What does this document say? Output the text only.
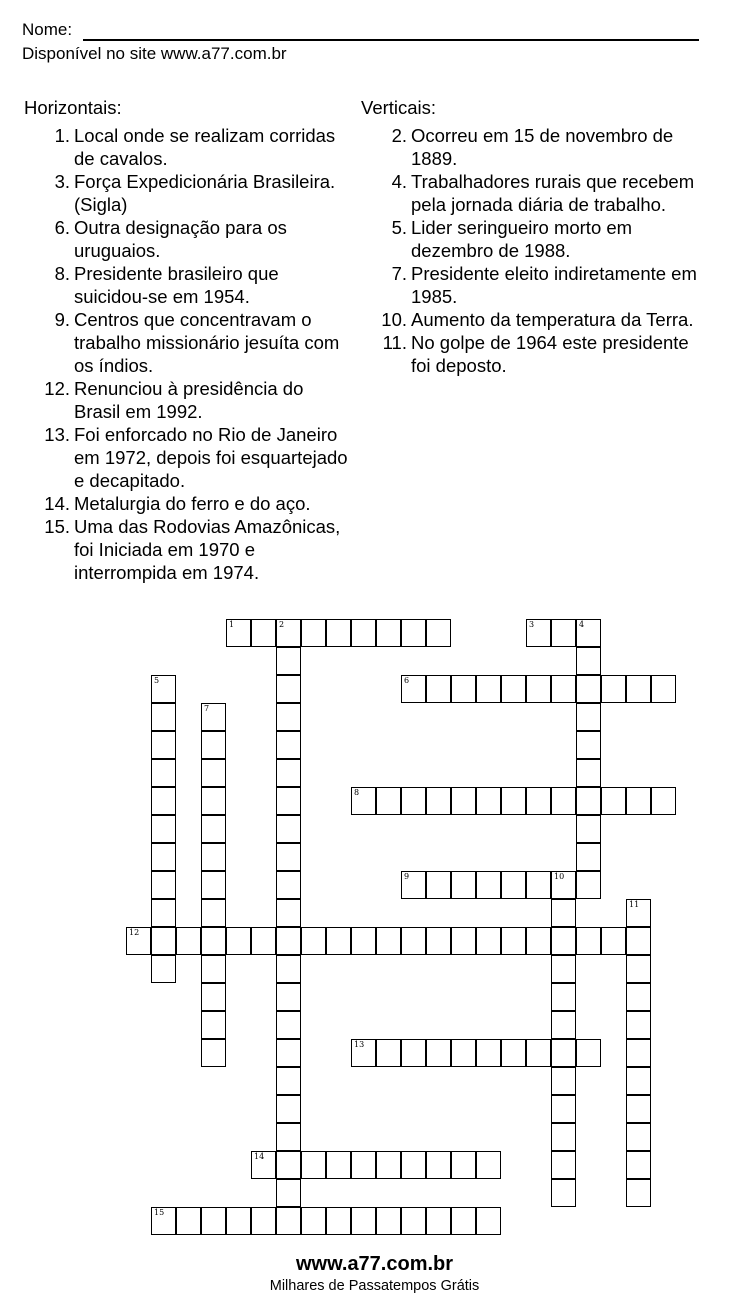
Nome:
Disponível no site www.a77.com.br
Horizontais:
1. Local onde se realizam corridas de cavalos.
3. Força Expedicionária Brasileira. (Sigla)
6. Outra designação para os uruguaios.
8. Presidente brasileiro que suicidou-se em 1954.
9. Centros que concentravam o trabalho missionário jesuíta com os índios.
12. Renunciou à presidência do Brasil em 1992.
13. Foi enforcado no Rio de Janeiro em 1972, depois foi esquartejado e decapitado.
14. Metalurgia do ferro e do aço.
15. Uma das Rodovias Amazônicas, foi Iniciada em 1970 e interrompida em 1974.
Verticais:
2. Ocorreu em 15 de novembro de 1889.
4. Trabalhadores rurais que recebem pela jornada diária de trabalho.
5. Lider seringueiro morto em dezembro de 1988.
7. Presidente eleito indiretamente em 1985.
10. Aumento da temperatura da Terra.
11. No golpe de 1964 este presidente foi deposto.
1	2	3	4
5	6
7
8
9	10
11
12
13
14
15
www.a77.com.br
Milhares de Passatempos Grátis
